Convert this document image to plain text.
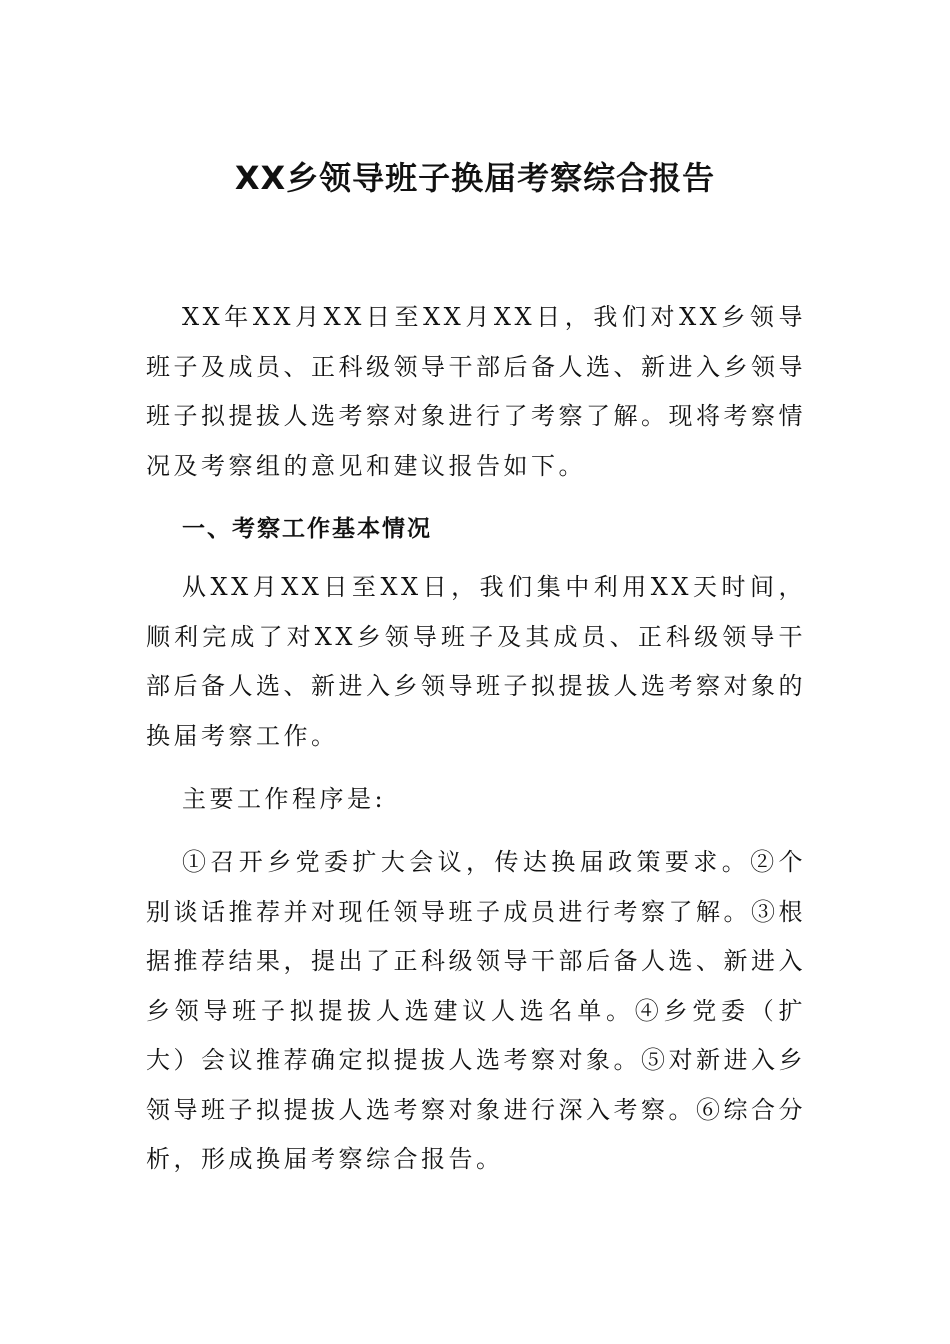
XX乡领导班子换届考察综合报告

XX年XX月XX日至XX月XX日，我们对XX乡领导班子及成员、正科级领导干部后备人选、新进入乡领导班子拟提拔人选考察对象进行了考察了解。现将考察情况及考察组的意见和建议报告如下。

一、考察工作基本情况

从XX月XX日至XX日，我们集中利用XX天时间，顺利完成了对XX乡领导班子及其成员、正科级领导干部后备人选、新进入乡领导班子拟提拔人选考察对象的换届考察工作。

主要工作程序是:

①召开乡党委扩大会议，传达换届政策要求。②个别谈话推荐并对现任领导班子成员进行考察了解。③根据推荐结果，提出了正科级领导干部后备人选、新进入乡领导班子拟提拔人选建议人选名单。④乡党委（扩大）会议推荐确定拟提拔人选考察对象。⑤对新进入乡领导班子拟提拔人选考察对象进行深入考察。⑥综合分析，形成换届考察综合报告。
